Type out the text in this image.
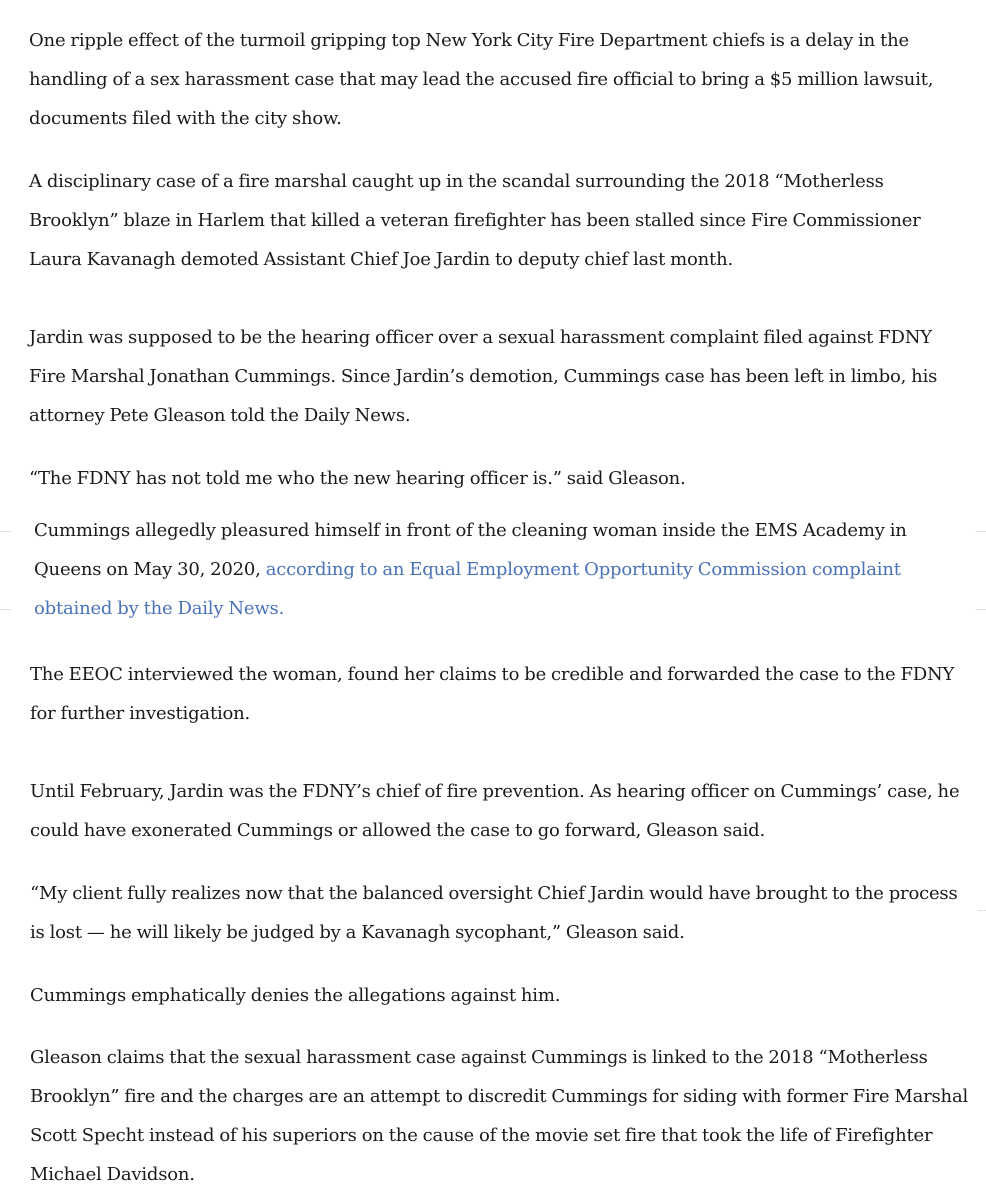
One ripple effect of the turmoil gripping top New York City Fire Department chiefs is a delay in the handling of a sex harassment case that may lead the accused fire official to bring a $5 million lawsuit, documents filed with the city show.

A disciplinary case of a fire marshal caught up in the scandal surrounding the 2018 “Motherless Brooklyn” blaze in Harlem that killed a veteran firefighter has been stalled since Fire Commissioner Laura Kavanagh demoted Assistant Chief Joe Jardin to deputy chief last month.

Jardin was supposed to be the hearing officer over a sexual harassment complaint filed against FDNY Fire Marshal Jonathan Cummings. Since Jardin’s demotion, Cummings case has been left in limbo, his attorney Pete Gleason told the Daily News.

“The FDNY has not told me who the new hearing officer is.” said Gleason.

Cummings allegedly pleasured himself in front of the cleaning woman inside the EMS Academy in Queens on May 30, 2020, according to an Equal Employment Opportunity Commission complaint obtained by the Daily News.

The EEOC interviewed the woman, found her claims to be credible and forwarded the case to the FDNY for further investigation.

Until February, Jardin was the FDNY’s chief of fire prevention. As hearing officer on Cummings’ case, he could have exonerated Cummings or allowed the case to go forward, Gleason said.

“My client fully realizes now that the balanced oversight Chief Jardin would have brought to the process is lost — he will likely be judged by a Kavanagh sycophant,” Gleason said.

Cummings emphatically denies the allegations against him.

Gleason claims that the sexual harassment case against Cummings is linked to the 2018 “Motherless Brooklyn” fire and the charges are an attempt to discredit Cummings for siding with former Fire Marshal Scott Specht instead of his superiors on the cause of the movie set fire that took the life of Firefighter Michael Davidson.
